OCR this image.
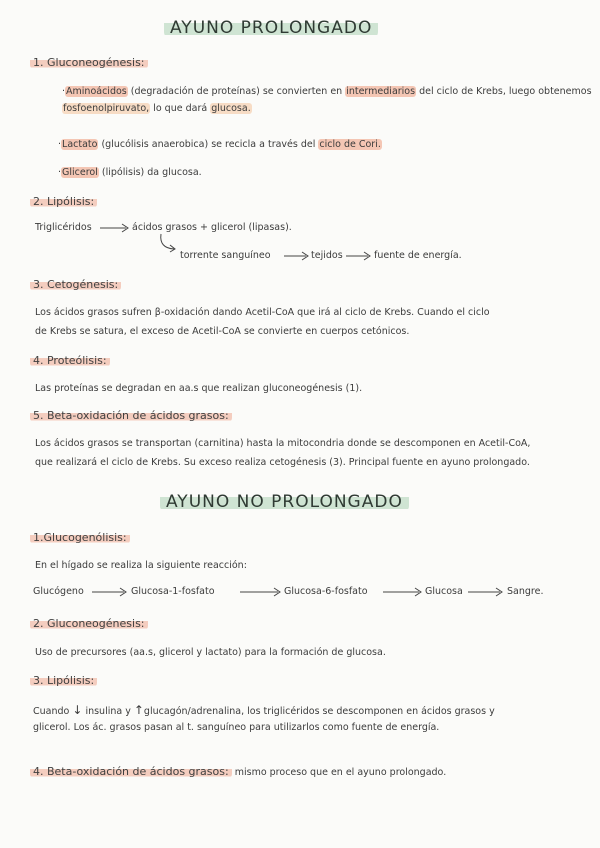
AYUNO PROLONGADO
1. Gluconeogénesis:
·Aminoácidos (degradación de proteínas) se convierten en intermediarios del ciclo de Krebs, luego obtenemos
fosfoenolpiruvato, lo que dará glucosa.
·Lactato (glucólisis anaerobica) se recicla a través del ciclo de Cori.
·Glicerol (lipólisis) da glucosa.
2. Lipólisis:
Triglicéridos	ácidos grasos + glicerol (lipasas).
torrente sanguíneo	tejidos	fuente de energía.
3. Cetogénesis:
Los ácidos grasos sufren β-oxidación dando Acetil-CoA que irá al ciclo de Krebs. Cuando el ciclo
de Krebs se satura, el exceso de Acetil-CoA se convierte en cuerpos cetónicos.
4. Proteólisis:
Las proteínas se degradan en aa.s que realizan gluconeogénesis (1).
5. Beta-oxidación de ácidos grasos:
Los ácidos grasos se transportan (carnitina) hasta la mitocondria donde se descomponen en Acetil-CoA,
que realizará el ciclo de Krebs. Su exceso realiza cetogénesis (3). Principal fuente en ayuno prolongado.
AYUNO NO PROLONGADO
1.Glucogenólisis:
En el hígado se realiza la siguiente reacción:
Glucógeno	Glucosa-1-fosfato	Glucosa-6-fosfato	Glucosa	Sangre.
2. Gluconeogénesis:
Uso de precursores (aa.s, glicerol y lactato) para la formación de glucosa.
3. Lipólisis:
Cuando ↓ insulina y ↑glucagón/adrenalina, los triglicéridos se descomponen en ácidos grasos y
glicerol. Los ác. grasos pasan al t. sanguíneo para utilizarlos como fuente de energía.
4. Beta-oxidación de ácidos grasos: mismo proceso que en el ayuno prolongado.
